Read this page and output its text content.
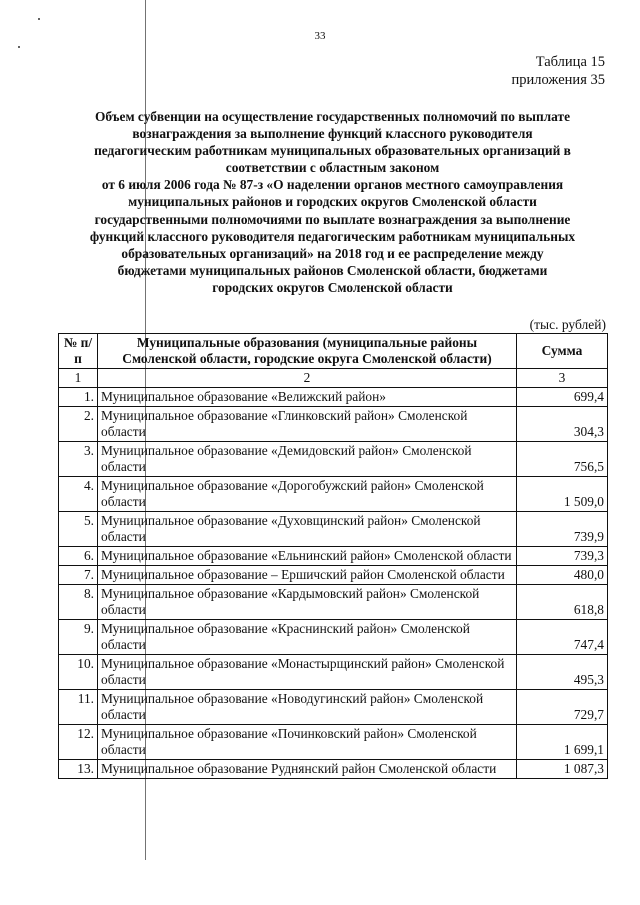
33
Таблица 15
приложения 35
Объем субвенции на осуществление государственных полномочий по выплате
вознаграждения за выполнение функций классного руководителя
педагогическим работникам муниципальных образовательных организаций в
соответствии с областным законом
от 6 июля 2006 года № 87-з «О наделении органов местного самоуправления
муниципальных районов и городских округов Смоленской области
государственными полномочиями по выплате вознаграждения за выполнение
функций классного руководителя педагогическим работникам муниципальных
образовательных организаций» на 2018 год и ее распределение между
бюджетами муниципальных районов Смоленской области, бюджетами
городских округов Смоленской области
(тыс. рублей)
№ п/п	Муниципальные образования (муниципальные районы Смоленской области, городские округа Смоленской области)	Сумма
1	2	3
1.	Муниципальное образование «Велижский район»	699,4
2.	Муниципальное образование «Глинковский район» Смоленской области	304,3
3.	Муниципальное образование «Демидовский район» Смоленской области	756,5
4.	Муниципальное образование «Дорогобужский район» Смоленской области	1 509,0
5.	Муниципальное образование «Духовщинский район» Смоленской области	739,9
6.	Муниципальное образование «Ельнинский район» Смоленской области	739,3
7.	Муниципальное образование – Ершичский район Смоленской области	480,0
8.	Муниципальное образование «Кардымовский район» Смоленской области	618,8
9.	Муниципальное образование «Краснинский район» Смоленской области	747,4
10.	Муниципальное образование «Монастырщинский район» Смоленской области	495,3
11.	Муниципальное образование «Новодугинский район» Смоленской области	729,7
12.	Муниципальное образование «Починковский район» Смоленской области	1 699,1
13.	Муниципальное образование Руднянский район Смоленской области	1 087,3
